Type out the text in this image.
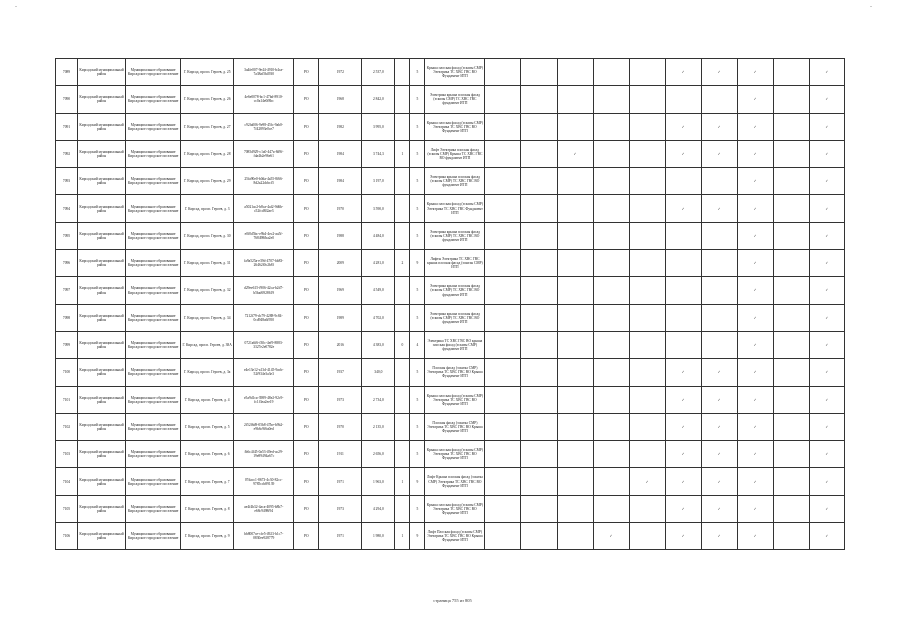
-	-
7089	Кирсадский муниципальный район	Муниципальное образование Кирсадское городское поселение	Г. Кирсад, просп. Героев, д. 25	3a4fe007-9e44-4910-b4ca-7a38af5b4930	РО	1972	2 537,0		5	Крыша плоская фасад (эскизы СМР) Электрика ТС ХВС ГВС ВО Фундамент ИТП						✓	✓	✓		✓
7090	Кирсадский муниципальный район	Муниципальное образование Кирсадское городское поселение	Г. Кирсад, просп. Героев, д. 26	4e6e0078-bc1-47bd-8910-cc0a14e0f8bc	РО	1968	2 842,0		5	Электрика крыша плоская фасад (эскизы СМР) ТС ХВС ГВС фундамент ИТП								✓		✓
7091	Кирсадский муниципальный район	Муниципальное образование Кирсадское городское поселение	Г. Кирсад, просп. Героев, д. 27	c92fa006-9e98-45fc-9ab0-7f42893e0ce7	РО	1982	3 995,0		5	Крыша плоская фасад (эскизы СМР) Электрика ТС ХВС ГВС ВО Фундамент ИТП						✓	✓	✓		✓
7092	Кирсадский муниципальный район	Муниципальное образование Кирсадское городское поселение	Г. Кирсад, просп. Героев, д. 28	7085d929-c1a0-447a-8d9f-fda4b2e96e61	РО	1984	3 744,3	1	5	Лифт Электрика плоская фасад (эскизы СМР) Крыша ТС ХВС ГВС ВО фундамент ИТП			✓			✓	✓	✓		✓
7093	Кирсадский муниципальный район	Муниципальное образование Кирсадское городское поселение	Г. Кирсад, просп. Героев, д. 29	25fa90e0-b0da-4a55-8f66-8d2a22dcbcf5	РО	1984	3 197,0		5	Электрика крыша плоская фасад (эскизы СМР) ТС ХВС ГВС ВО фундамент ИТП								✓		✓
7094	Кирсадский муниципальный район	Муниципальное образование Кирсадское городское поселение	Г. Кирсад, просп. Героев, д. 3	a5021ac2-b8ca-4af2-9d6b-c52fcd8f2ae3	РО	1970	3 590,0		5	Крыша плоская фасад (эскизы СМР) Электрика ТС ХВС ГВС Фундамент ИТП						✓	✓	✓		✓
7095	Кирсадский муниципальный район	Муниципальное образование Кирсадское городское поселение	Г. Кирсад, просп. Героев, д. 30	e0f0d5bc-e9b4-4ec2-aa5f-768498fba2e0	РО	1988	4 484,0		5	Электрика крыша плоская фасад (эскизы СМР) ТС ХВС ГВС ВО фундамент ИТП								✓		✓
7096	Кирсадский муниципальный район	Муниципальное образование Кирсадское городское поселение	Г. Кирсад, просп. Героев, д. 31	fa9a525a-e39d-4707-bb83-26462f0c2b8f	РО	2009	4 281,0	2	9	Лифты Электрика ТС ХВС ГВС крыша плоская фасад (эскизы СМР) ИТП								✓		✓
7097	Кирсадский муниципальный район	Муниципальное образование Кирсадское городское поселение	Г. Кирсад, просп. Героев, д. 32	d29ee615-f906-42ca-b2d7-b5baf6928619	РО	1969	4 549,0		5	Электрика крыша плоская фасад (эскизы СМР) ТС ХВС ГВС ВО фундамент ИТП								✓		✓
7098	Кирсадский муниципальный район	Муниципальное образование Кирсадское городское поселение	Г. Кирсад, просп. Героев, д. 34	7212f79-dc79-4288-9c84-0cd948a6f950	РО	1989	4 702,0		5	Электрика крыша плоская фасад (эскизы СМР) ТС ХВС ГВС ВО фундамент ИТП								✓		✓
7099	Кирсадский муниципальный район	Муниципальное образование Кирсадское городское поселение	Г. Кирсад, просп. Героев, д. 38А	0721a6f6-f30c-4ef9-8883-3327e2e0782e	РО	2016	4 383,0	0	4	Электрика ТС ХВС ГВС ВО крыша плоская фасад (эскизы СМР) фундамент ИТП								✓		✓
7100	Кирсадский муниципальный район	Муниципальное образование Кирсадское городское поселение	Г. Кирсад, просп. Героев, д. 3а	e4e13e12-a13d-4145-9acb-52f934e3a3e3	РО	1937	340,0		5	Плоская фасад (эскизы СМР) Электрика ТС ХВС ГВС ВО Крыша Фундамент ИТП						✓	✓	✓		✓
7101	Кирсадский муниципальный район	Муниципальное образование Кирсадское городское поселение	Г. Кирсад, просп. Героев, д. 4	e5a9d1ca-3989-48e2-92c9-fc1f3ea2ee19	РО	1973	2 734,0		5	Крыша плоская фасад (эскизы СМР) Электрика ТС ХВС ГВС ВО Фундамент ИТП						✓	✓	✓		✓
7102	Кирсадский муниципальный район	Муниципальное образование Кирсадское городское поселение	Г. Кирсад, просп. Героев, д. 5	2f52f6d9-05b8-47be-b9b2-e9b6c9f6a0ed	РО	1970	2 135,0		5	Плоская фасад (эскизы СМР) Электрика ТС ХВС ГВС ВО Крыша Фундамент ИТП						✓	✓	✓		✓
7103	Кирсадский муниципальный район	Муниципальное образование Кирсадское городское поселение	Г. Кирсад, просп. Героев, д. 6	fb6c4f45-0a53-49ed-ac29-19e89494a67c	РО	1911	2 656,0		5	Крыша плоская фасад (эскизы СМР) Электрика ТС ХВС ГВС ВО Фундамент ИТП						✓	✓	✓		✓
7104	Кирсадский муниципальный район	Муниципальное образование Кирсадское городское поселение	Г. Кирсад, просп. Героев, д. 7	07dacc1-8673-4c30-82cc-9785ccb89139	РО	1971	1 963,0	1	9	Лифт Крыша плоская фасад (эскизы СМР) Электрика ТС ХВС ГВС ВО Фундамент ИТП					✓	✓	✓	✓		✓
7105	Кирсадский муниципальный район	Муниципальное образование Кирсадское городское поселение	Г. Кирсад, просп. Героев, д. 8	ae4f4b32-4aca-4095-b8b7-e68c9498f94	РО	1973	4 294,0		5	Крыша плоская фасад (эскизы СМР) Электрика ТС ХВС ГВС ВО Фундамент ИТП						✓	✓	✓		✓
7106	Кирсадский муниципальный район	Муниципальное образование Кирсадское городское поселение	Г. Кирсад, просп. Героев, д. 9	bb8007ce-cfe5-4923-b1c7-0830ee928779	РО	1971	1 980,0	1	9	Лифт Плоская фасад (эскизы СМР) Электрика ТС ХВС ГВС ВО Крыша Фундамент ИТП				✓		✓	✓	✓		✓
страница 755 из 805
